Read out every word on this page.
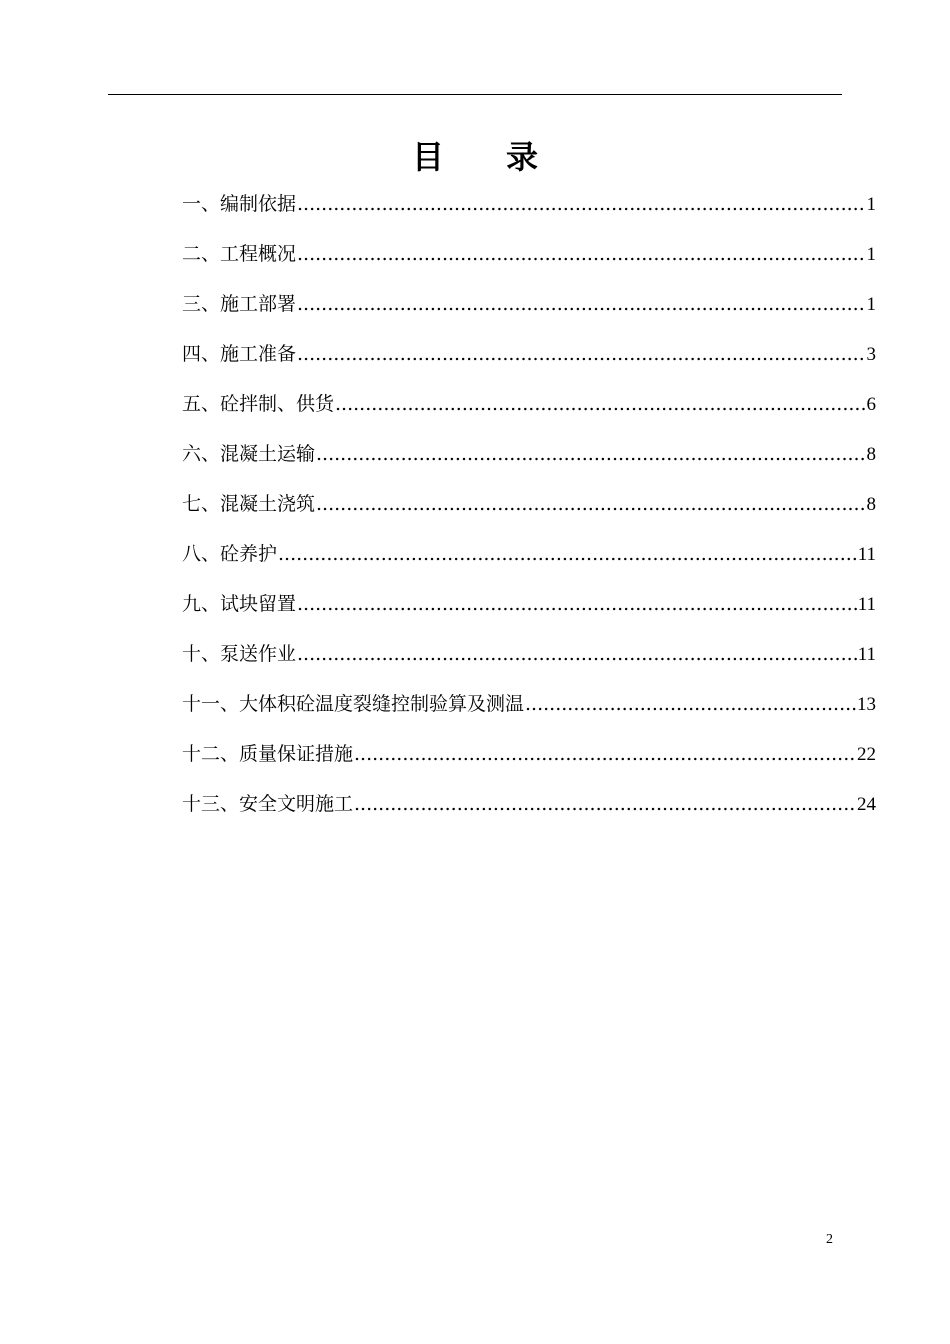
目 录
一、编制依据 .....	1
二、工程概况 .....	1
三、施工部署 .....	1
四、施工准备 .....	3
五、砼拌制、供货 .....	6
六、混凝土运输 .....	8
七、混凝土浇筑 .....	8
八、砼养护 .....	11
九、试块留置 .....	11
十、泵送作业 .....	11
十一、大体积砼温度裂缝控制验算及测温 .....	13
十二、质量保证措施 .....	22
十三、安全文明施工 .....	24
2
